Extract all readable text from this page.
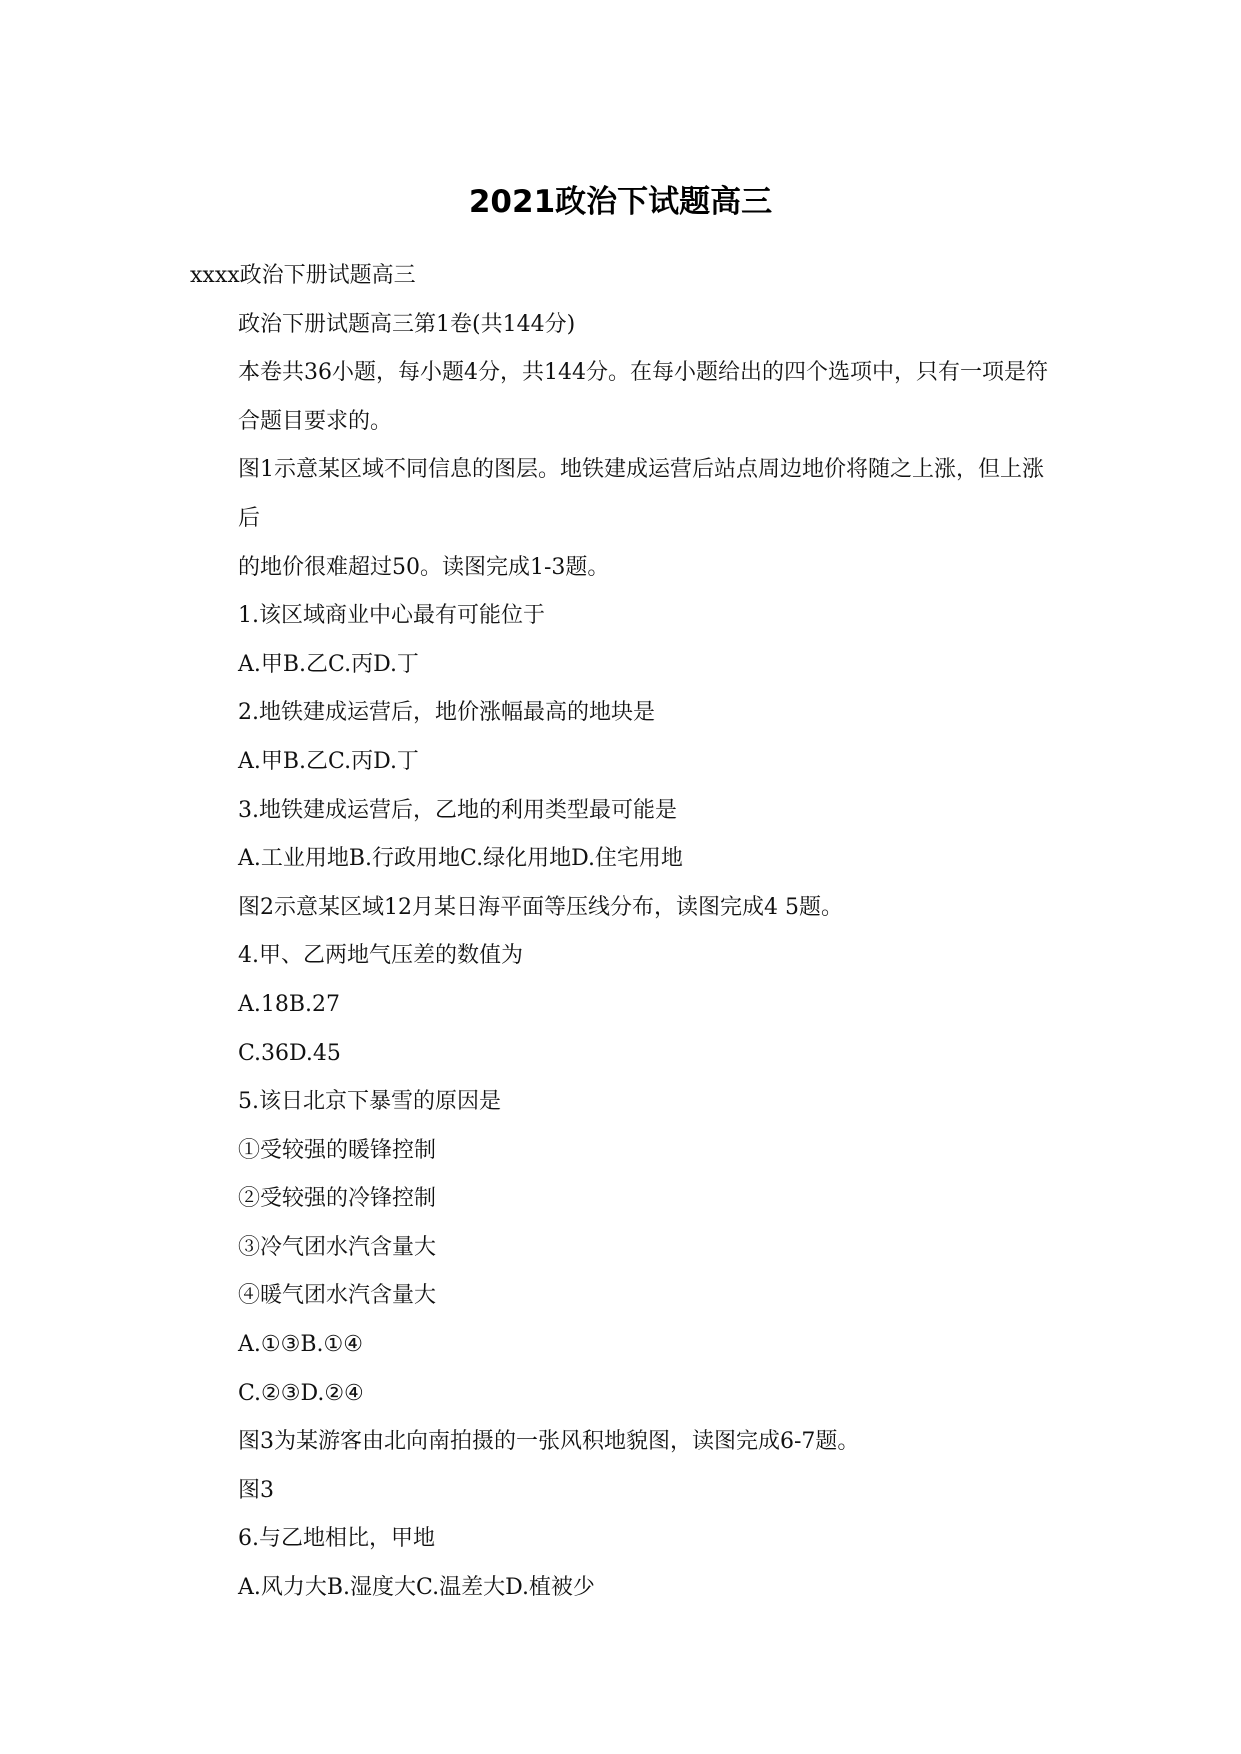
2021政治下试题高三

xxxx政治下册试题高三

政治下册试题高三第1卷(共144分)

本卷共36小题，每小题4分，共144分。在每小题给出的四个选项中，只有一项是符合题目要求的。

图1示意某区域不同信息的图层。地铁建成运营后站点周边地价将随之上涨，但上涨后

的地价很难超过50。读图完成1-3题。

1.该区域商业中心最有可能位于

A.甲B.乙C.丙D.丁

2.地铁建成运营后，地价涨幅最高的地块是

A.甲B.乙C.丙D.丁

3.地铁建成运营后，乙地的利用类型最可能是

A.工业用地B.行政用地C.绿化用地D.住宅用地

图2示意某区域12月某日海平面等压线分布，读图完成4 5题。

4.甲、乙两地气压差的数值为

A.18B.27

C.36D.45

5.该日北京下暴雪的原因是

①受较强的暖锋控制

②受较强的冷锋控制

③冷气团水汽含量大

④暖气团水汽含量大

A.①③B.①④

C.②③D.②④

图3为某游客由北向南拍摄的一张风积地貌图，读图完成6-7题。

图3

6.与乙地相比，甲地

A.风力大B.湿度大C.温差大D.植被少
